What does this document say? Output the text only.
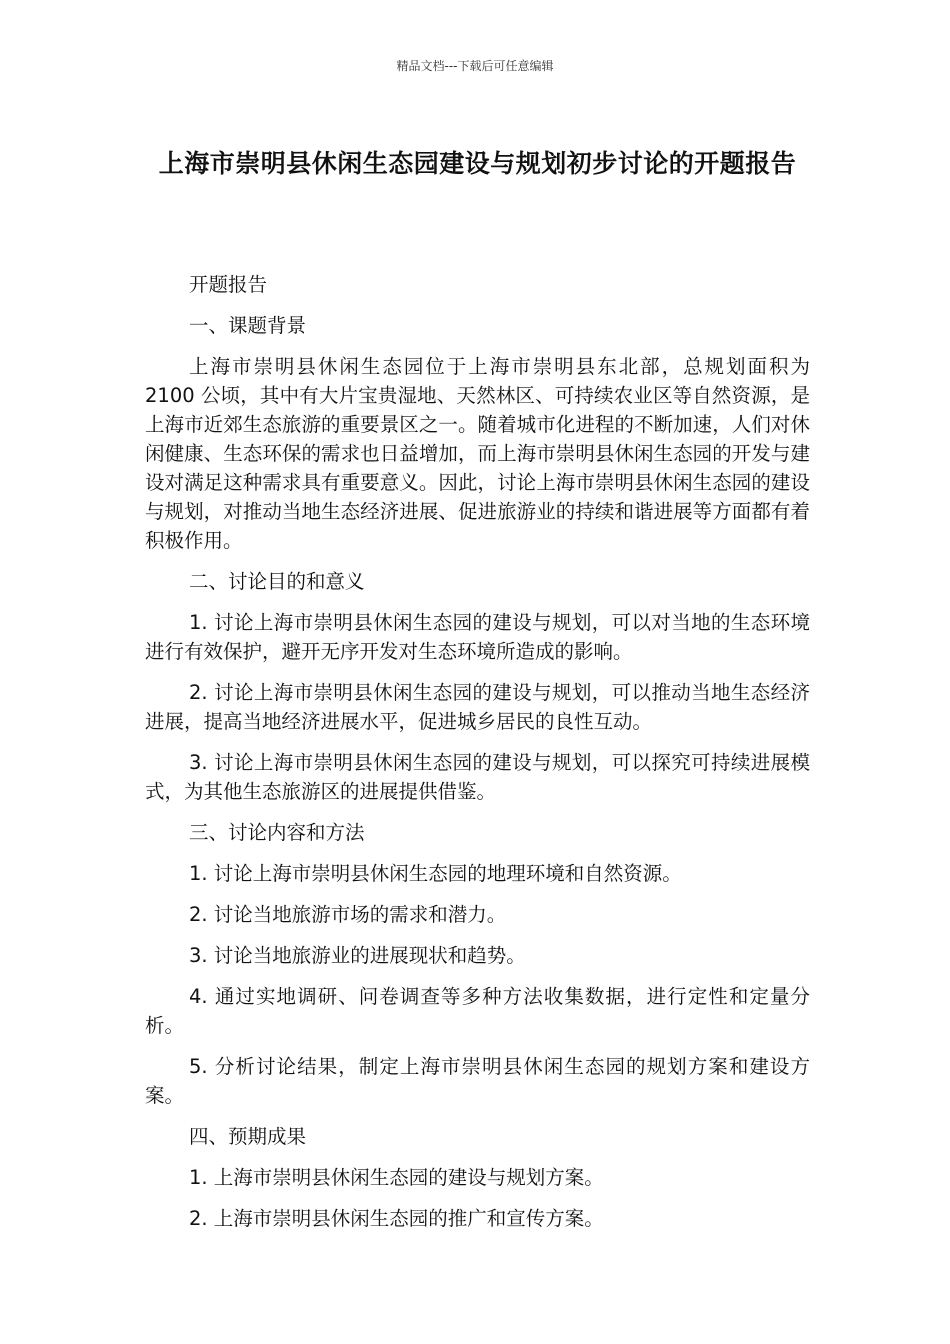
精品文档---下载后可任意编辑
上海市崇明县休闲生态园建设与规划初步讨论的开题报告

开题报告

一、课题背景

上海市崇明县休闲生态园位于上海市崇明县东北部，总规划面积为 2100 公顷，其中有大片宝贵湿地、天然林区、可持续农业区等自然资源，是上海市近郊生态旅游的重要景区之一。随着城市化进程的不断加速，人们对休闲健康、生态环保的需求也日益增加，而上海市崇明县休闲生态园的开发与建设对满足这种需求具有重要意义。因此，讨论上海市崇明县休闲生态园的建设与规划，对推动当地生态经济进展、促进旅游业的持续和谐进展等方面都有着积极作用。

二、讨论目的和意义

1. 讨论上海市崇明县休闲生态园的建设与规划，可以对当地的生态环境进行有效保护，避开无序开发对生态环境所造成的影响。

2. 讨论上海市崇明县休闲生态园的建设与规划，可以推动当地生态经济进展，提高当地经济进展水平，促进城乡居民的良性互动。

3. 讨论上海市崇明县休闲生态园的建设与规划，可以探究可持续进展模式，为其他生态旅游区的进展提供借鉴。

三、讨论内容和方法

1. 讨论上海市崇明县休闲生态园的地理环境和自然资源。

2. 讨论当地旅游市场的需求和潜力。

3. 讨论当地旅游业的进展现状和趋势。

4. 通过实地调研、问卷调查等多种方法收集数据，进行定性和定量分析。

5. 分析讨论结果，制定上海市崇明县休闲生态园的规划方案和建设方案。

四、预期成果

1. 上海市崇明县休闲生态园的建设与规划方案。

2. 上海市崇明县休闲生态园的推广和宣传方案。
